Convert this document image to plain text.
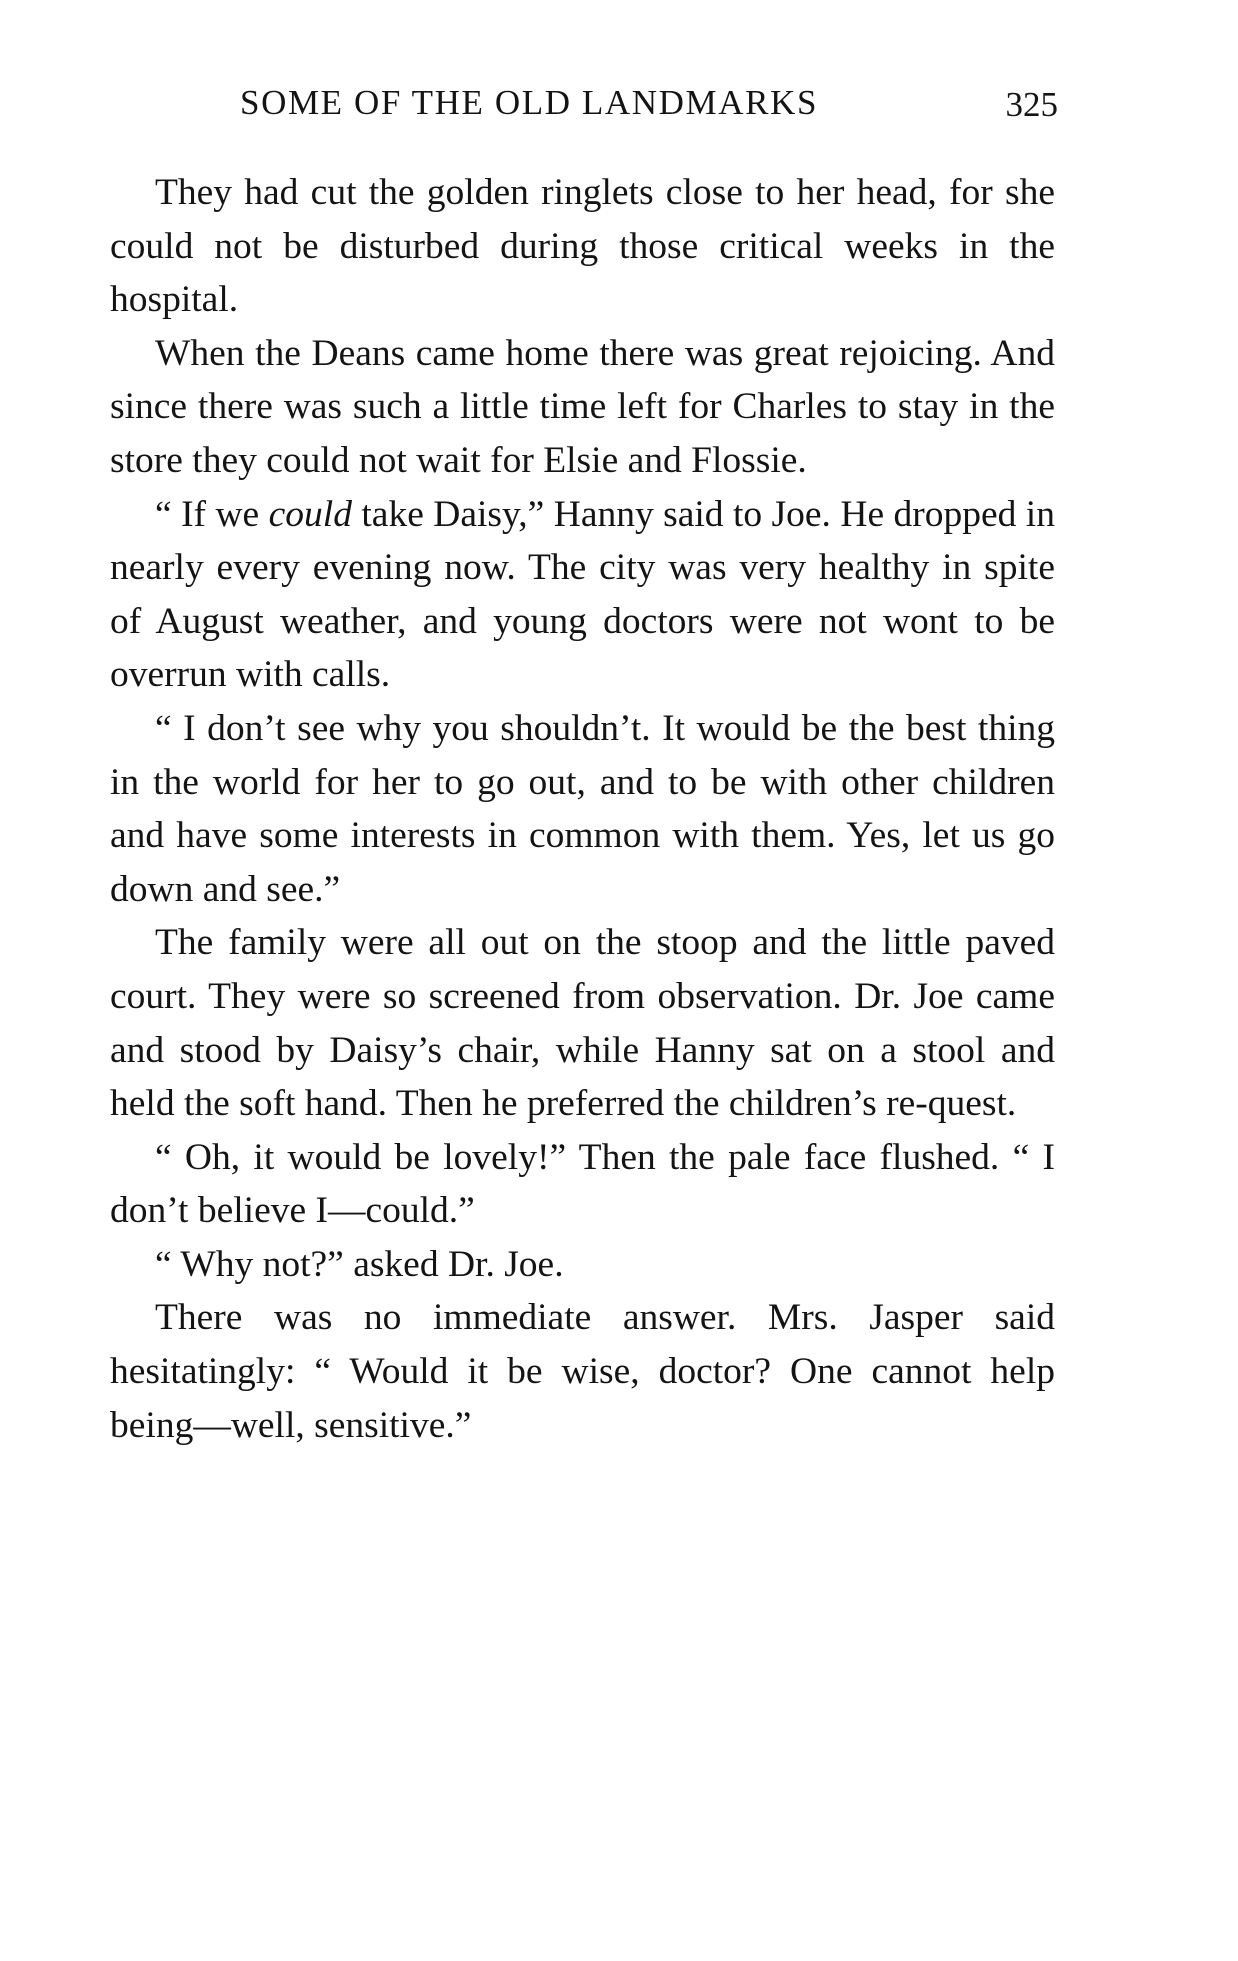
SOME OF THE OLD LANDMARKS	325

They had cut the golden ringlets close to her head, for she could not be disturbed during those critical weeks in the hospital.

When the Deans came home there was great rejoicing. And since there was such a little time left for Charles to stay in the store they could not wait for Elsie and Flossie.

“ If we could take Daisy,” Hanny said to Joe. He dropped in nearly every evening now. The city was very healthy in spite of August weather, and young doctors were not wont to be overrun with calls.

“ I don’t see why you shouldn’t. It would be the best thing in the world for her to go out, and to be with other children and have some interests in common with them. Yes, let us go down and see.”

The family were all out on the stoop and the little paved court. They were so screened from observation. Dr. Joe came and stood by Daisy’s chair, while Hanny sat on a stool and held the soft hand. Then he preferred the children’s re-quest.

“ Oh, it would be lovely!” Then the pale face flushed. “ I don’t believe I—could.”

“ Why not?” asked Dr. Joe.

There was no immediate answer. Mrs. Jasper said hesitatingly: “ Would it be wise, doctor? One cannot help being—well, sensitive.”
